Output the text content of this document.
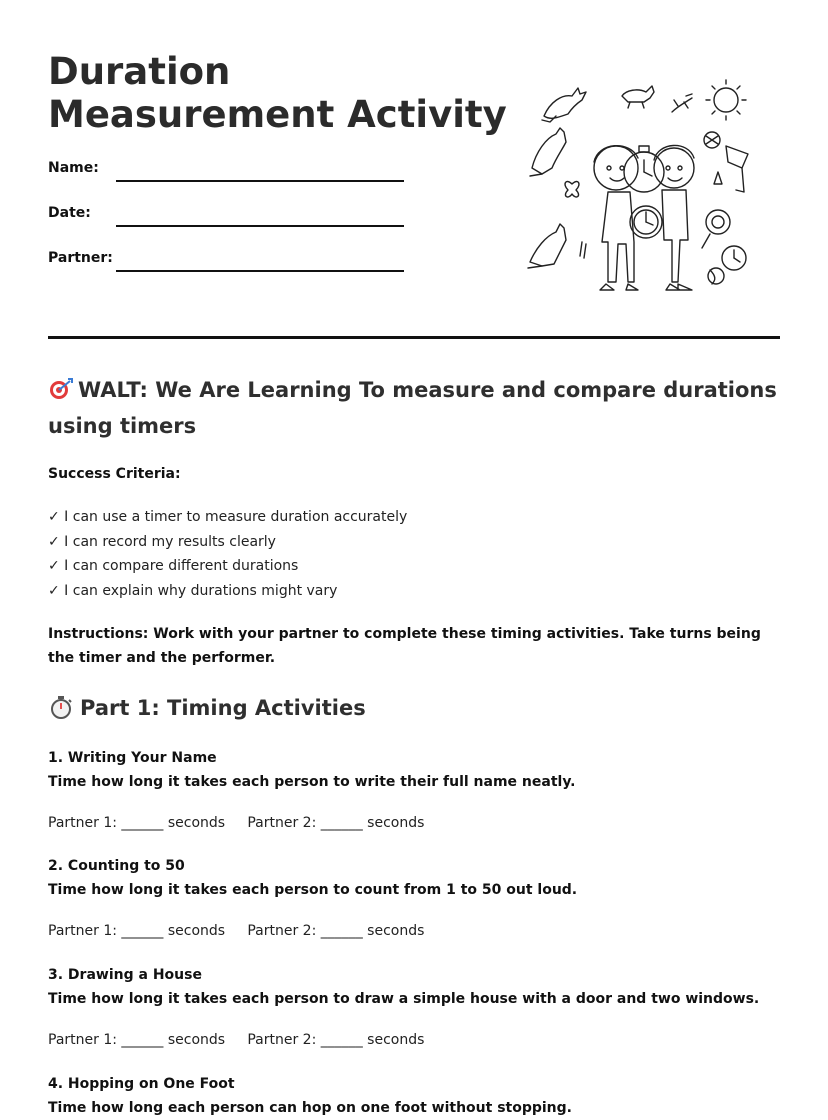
Duration Measurement Activity
Name:
Date:
Partner:
WALT: We Are Learning To measure and compare durations using timers
Success Criteria:
✓ I can use a timer to measure duration accurately
✓ I can record my results clearly
✓ I can compare different durations
✓ I can explain why durations might vary

Instructions: Work with your partner to complete these timing activities. Take turns being the timer and the performer.

Part 1: Timing Activities
1. Writing Your Name
Time how long it takes each person to write their full name neatly.
Partner 1: ______ seconds     Partner 2: ______ seconds
2. Counting to 50
Time how long it takes each person to count from 1 to 50 out loud.
Partner 1: ______ seconds     Partner 2: ______ seconds
3. Drawing a House
Time how long it takes each person to draw a simple house with a door and two windows.
Partner 1: ______ seconds     Partner 2: ______ seconds
4. Hopping on One Foot
Time how long each person can hop on one foot without stopping.
